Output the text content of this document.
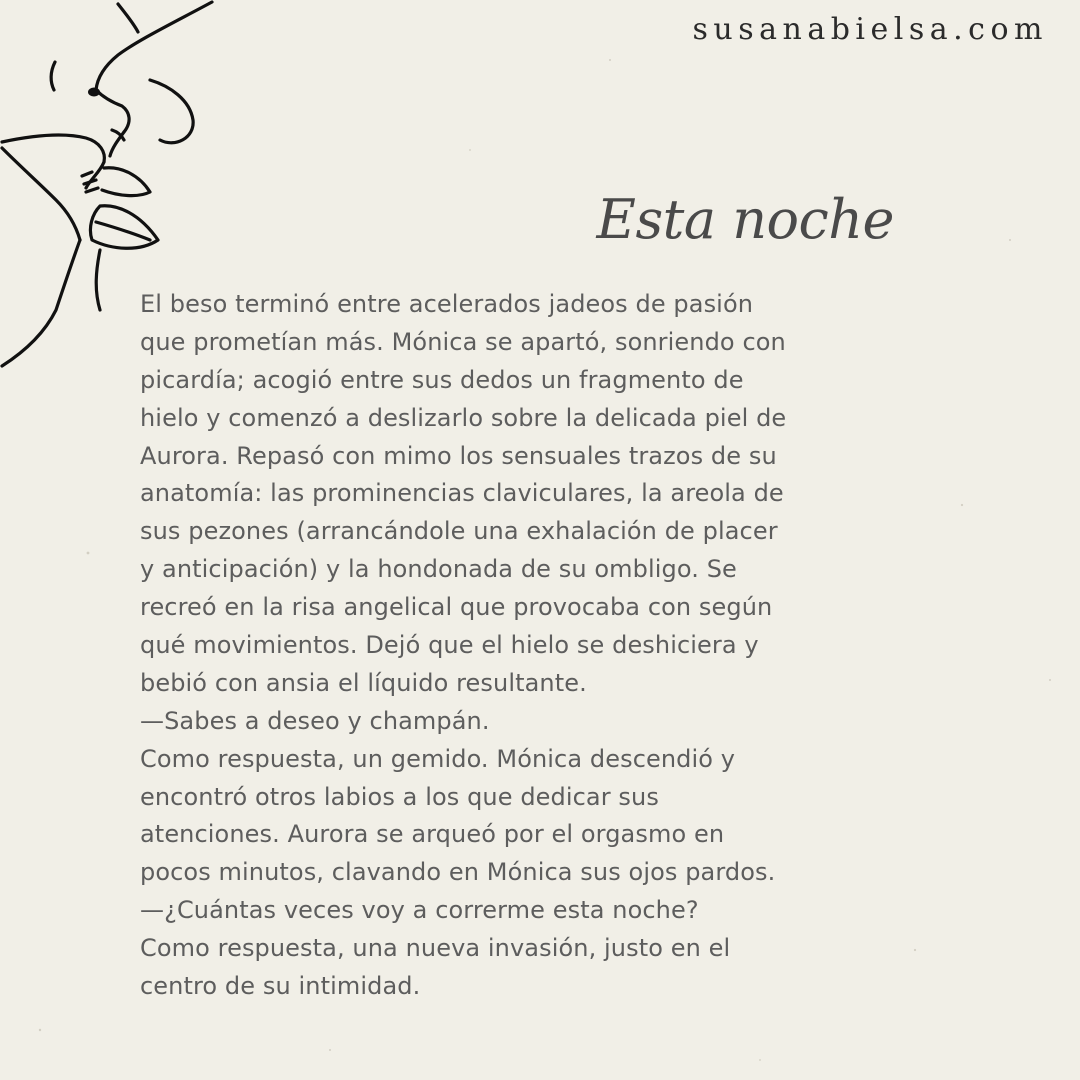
susanabielsa.com
Esta noche
El beso terminó entre acelerados jadeos de pasión
que prometían más. Mónica se apartó, sonriendo con
picardía; acogió entre sus dedos un fragmento de
hielo y comenzó a deslizarlo sobre la delicada piel de
Aurora. Repasó con mimo los sensuales trazos de su
anatomía: las prominencias claviculares, la areola de
sus pezones (arrancándole una exhalación de placer
y anticipación) y la hondonada de su ombligo. Se
recreó en la risa angelical que provocaba con según
qué movimientos. Dejó que el hielo se deshiciera y
bebió con ansia el líquido resultante.
—Sabes a deseo y champán.
Como respuesta, un gemido. Mónica descendió y
encontró otros labios a los que dedicar sus
atenciones. Aurora se arqueó por el orgasmo en
pocos minutos, clavando en Mónica sus ojos pardos.
—¿Cuántas veces voy a correrme esta noche?
Como respuesta, una nueva invasión, justo en el
centro de su intimidad.
